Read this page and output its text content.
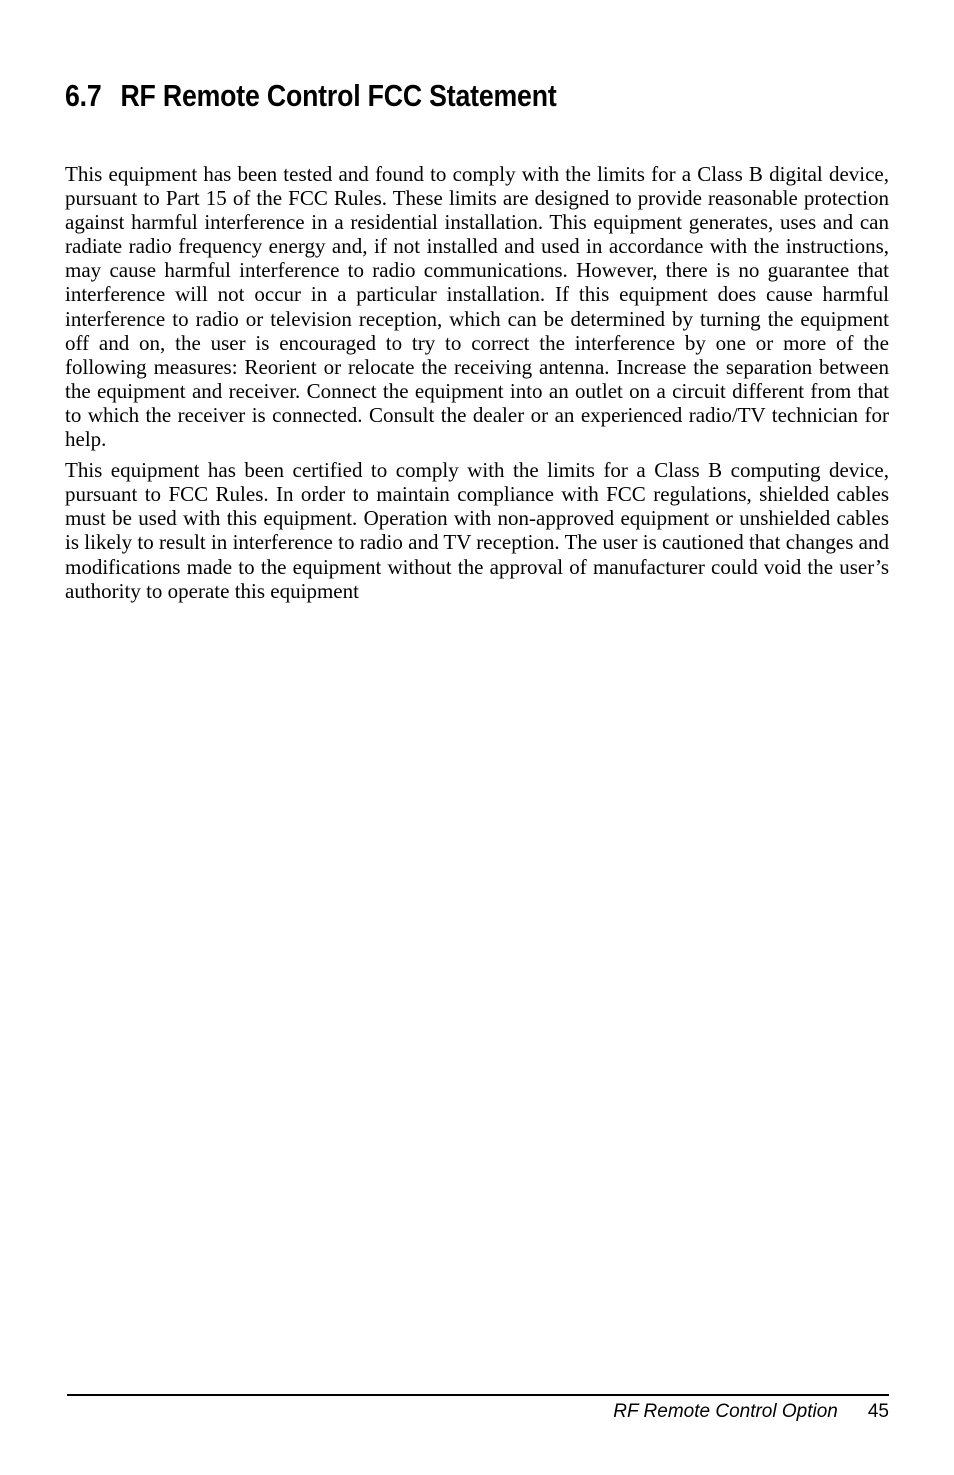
6.7 RF Remote Control FCC Statement

This equipment has been tested and found to comply with the limits for a Class B digital device, pursuant to Part 15 of the FCC Rules. These limits are designed to provide reasonable protection against harmful interference in a residential installation. This equipment generates, uses and can radiate radio frequency energy and, if not installed and used in accordance with the instructions, may cause harmful interference to radio communications. However, there is no guarantee that interference will not occur in a particular installation. If this equipment does cause harmful interference to radio or television reception, which can be determined by turning the equipment off and on, the user is encouraged to try to correct the interference by one or more of the following measures: Reorient or relocate the receiving antenna. Increase the separation between the equipment and receiver. Connect the equipment into an outlet on a circuit different from that to which the receiver is connected. Consult the dealer or an experienced radio/TV technician for help.

This equipment has been certified to comply with the limits for a Class B computing device, pursuant to FCC Rules. In order to maintain compliance with FCC regulations, shielded cables must be used with this equipment. Operation with non-approved equipment or unshielded cables is likely to result in interference to radio and TV reception. The user is cautioned that changes and modifications made to the equipment without the approval of manufacturer could void the user’s authority to operate this equipment

RF Remote Control Option 45
